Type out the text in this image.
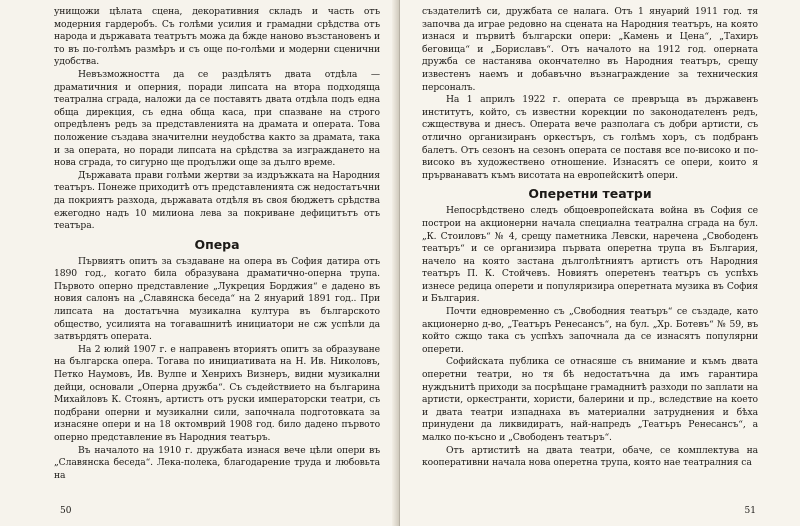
унищожи цѣлата сцена, декоративния складъ и часть отъ модерния гардеробъ. Съ голѣми усилия и грамадни срѣдства отъ народа и държавата театрътъ можа да бжде наново възстановенъ и то въ по-голѣмъ размѣръ и съ още по-голѣми и модерни сценични удобства.

Невъзможността да се раздѣлятъ двата отдѣла — драматичния и оперния, поради липсата на втора подходяща театрална сграда, наложи да се поставятъ двата отдѣла подъ една обща дирекция, съ една обща каса, при спазване на строго опредѣленъ редъ за представленията на драмата и операта. Това положение създава значителни неудобства както за драмата, така и за операта, но поради липсата на срѣдства за изграждането на нова сграда, то сигурно ще продължи още за дълго време.

Държавата прави голѣми жертви за издръжката на Народния театъръ. Понеже приходитѣ отъ представленията сж недостатъчни да покриятъ разхода, държавата отдѣля въ своя бюджетъ срѣдства ежегодно надъ 10 милиона лева за покриване дефицитътъ отъ театъра.

Опера

Първиятъ опитъ за създаване на опера въ София датира отъ 1890 год., когато била образувана драматично-оперна трупа. Първото оперно представление „Лукреция Борджия“ е дадено въ новия салонъ на „Славянска беседа“ на 2 януарий 1891 год.. При липсата на достатъчна музикална култура въ българското общество, усилията на тогавашнитѣ инициатори не сж успѣли да затвърдятъ операта.

На 2 юлий 1907 г. е направенъ вториятъ опитъ за образуване на българска опера. Тогава по инициативата на Н. Ив. Николовъ, Петко Наумовъ, Ив. Вулпе и Хенрихъ Визнеръ, видни музикални дейци, основали „Оперна дружба“. Съ съдействието на българина Михайловъ К. Стоянъ, артистъ отъ руски императорски театри, съ подбрани оперни и музикални сили, започнала подготовката за изнасяне опери и на 18 октомврий 1908 год. било дадено първото оперно представление въ Народния театъръ.

Въ началото на 1910 г. дружбата изнася вече цѣли опери въ „Славянска беседа“. Лека-полека, благодарение труда и любовьта на

50

създателитѣ си, дружбата се налага. Отъ 1 януарий 1911 год. тя започва да играе редовно на сцената на Народния театъръ, на която изнася и първитѣ български опери: „Камень и Цена“, „Тахиръ беговица“ и „Бориславъ“. Отъ началото на 1912 год. оперната дружба се настанява окончателно въ Народния театъръ, срещу известенъ наемъ и добавъчно възнаграждение за техническия персоналъ.

На 1 априлъ 1922 г. операта се превръща въ държавенъ институтъ, който, съ известни корекции по законодателенъ редъ, сжществува и днесъ. Операта вече разполага съ добри артисти, съ отлично организиранъ оркестъръ, съ голѣмъ хоръ, съ подбранъ балетъ. Отъ сезонъ на сезонъ операта се поставя все по-високо и по-високо въ художествено отношение. Изнасятъ се опери, които я прърванаватъ къмъ висотата на европейскитѣ опери.

Оперетни театри

Непосрѣдствено следъ общоевропейската война въ София се построи на акционерни начала специална театрална сграда на бул. „К. Стоиловъ“ № 4, срещу паметника Левски, наречена „Свободенъ театъръ“ и се организира първата оперетна трупа въ България, начело на която застана дълголѣтниятъ артистъ отъ Народния театъръ П. К. Стойчевъ. Новиятъ оперетенъ театъръ съ успѣхъ изнесе редица оперети и популяризира оперетната музика въ София и България.

Почти едновременно съ „Свободния театъръ“ се създаде, като акционерно д-во, „Театъръ Ренесансъ“, на бул. „Хр. Ботевъ“ № 59, въ който сжщо така съ успѣхъ започнала да се изнасятъ популярни оперети.

Софийската публика се отнасяше съ внимание и къмъ двата оперетни театри, но тя бѣ недостатъчна да имъ гарантира нуждънитѣ приходи за посрѣщане грамаднитѣ разходи по заплати на артисти, оркестранти, хористи, балерини и пр., вследствие на което и двата театри изпаднаха въ материални затруднения и бѣха принудени да ликвидиратъ, най-напредъ „Театъръ Ренесансъ“, а малко по-късно и „Свободенъ театъръ“.

Отъ артиститѣ на двата театри, обаче, се комплектува на кооперативни начала нова оперетна трупа, която нае театралния са

51
